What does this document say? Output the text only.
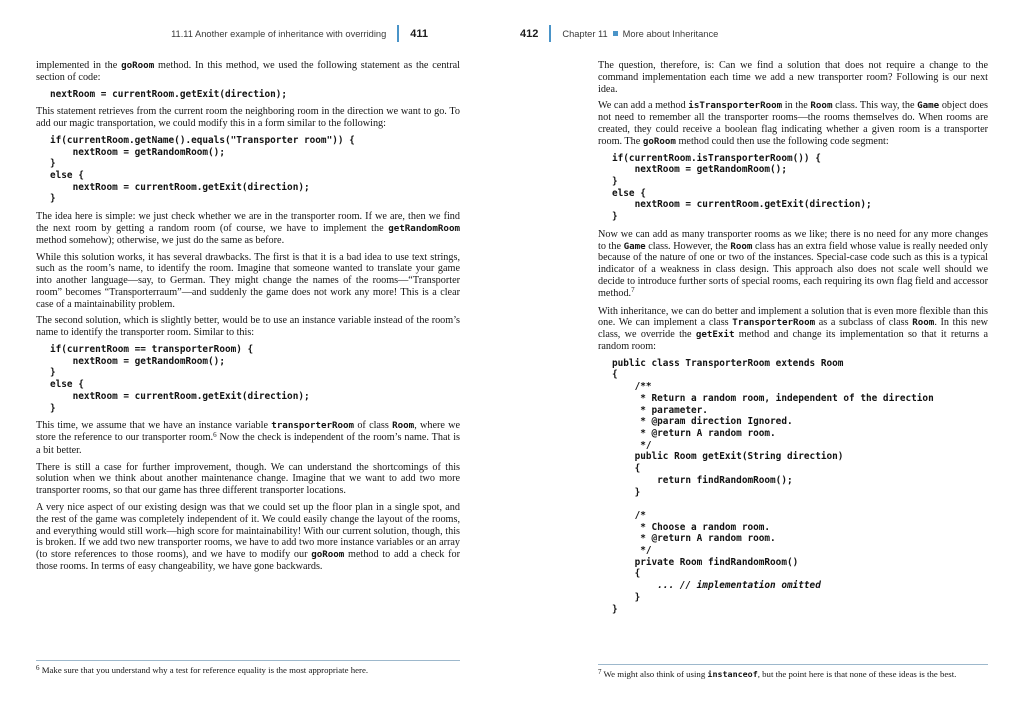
11.11 Another example of inheritance with overriding 411	412	Chapter 11 More about Inheritance

implemented in the goRoom method. In this method, we used the following statement as the central section of code:

nextRoom = currentRoom.getExit(direction);

This statement retrieves from the current room the neighboring room in the direction we want to go. To add our magic transportation, we could modify this in a form similar to the following:

if(currentRoom.getName().equals("Transporter room")) {
nextRoom = getRandomRoom();
}
else {
nextRoom = currentRoom.getExit(direction);
}

The idea here is simple: we just check whether we are in the transporter room. If we are, then we find the next room by getting a random room (of course, we have to implement the getRandomRoom method somehow); otherwise, we just do the same as before.

While this solution works, it has several drawbacks. The first is that it is a bad idea to use text strings, such as the room’s name, to identify the room. Imagine that someone wanted to translate your game into another language—say, to German. They might change the names of the rooms—“Transporter room” becomes “Transporterraum”—and suddenly the game does not work any more! This is a clear case of a maintainability problem.

The second solution, which is slightly better, would be to use an instance variable instead of the room’s name to identify the transporter room. Similar to this:

if(currentRoom == transporterRoom) {
nextRoom = getRandomRoom();
}
else {
nextRoom = currentRoom.getExit(direction);
}

This time, we assume that we have an instance variable transporterRoom of class Room, where we store the reference to our transporter room.$^6$ Now the check is independent of the room’s name. That is a bit better.

There is still a case for further improvement, though. We can understand the shortcomings of this solution when we think about another maintenance change. Imagine that we want to add two more transporter rooms, so that our game has three different transporter locations.

A very nice aspect of our existing design was that we could set up the floor plan in a single spot, and the rest of the game was completely independent of it. We could easily change the layout of the rooms, and everything would still work—high score for maintainability! With our current solution, though, this is broken. If we add two new transporter rooms, we have to add two more instance variables or an array (to store references to those rooms), and we have to modify our goRoom method to add a check for those rooms. In terms of easy changeability, we have gone backwards.

The question, therefore, is: Can we find a solution that does not require a change to the command implementation each time we add a new transporter room? Following is our next idea.

We can add a method isTransporterRoom in the Room class. This way, the Game object does not need to remember all the transporter rooms—the rooms themselves do. When rooms are created, they could receive a boolean flag indicating whether a given room is a transporter room. The goRoom method could then use the following code segment:

if(currentRoom.isTransporterRoom()) {
nextRoom = getRandomRoom();
}
else {
nextRoom = currentRoom.getExit(direction);
}

Now we can add as many transporter rooms as we like; there is no need for any more changes to the Game class. However, the Room class has an extra field whose value is really needed only because of the nature of one or two of the instances. Special-case code such as this is a typical indicator of a weakness in class design. This approach also does not scale well should we decide to introduce further sorts of special rooms, each requiring its own flag field and accessor method.$^7$

With inheritance, we can do better and implement a solution that is even more flexible than this one. We can implement a class TransporterRoom as a subclass of class Room. In this new class, we override the getExit method and change its implementation so that it returns a random room:

public class TransporterRoom extends Room
{
/**
* Return a random room, independent of the direction
* parameter.
* @param direction Ignored.
* @return A random room.
*/
public Room getExit(String direction)
{
return findRandomRoom();
}

/*
* Choose a random room.
* @return A random room.
*/
private Room findRandomRoom()
{
... // implementation omitted
}
}

$^6$ Make sure that you understand why a test for reference equality is the most appropriate here.	$^7$ We might also think of using instanceof, but the point here is that none of these ideas is the best.
